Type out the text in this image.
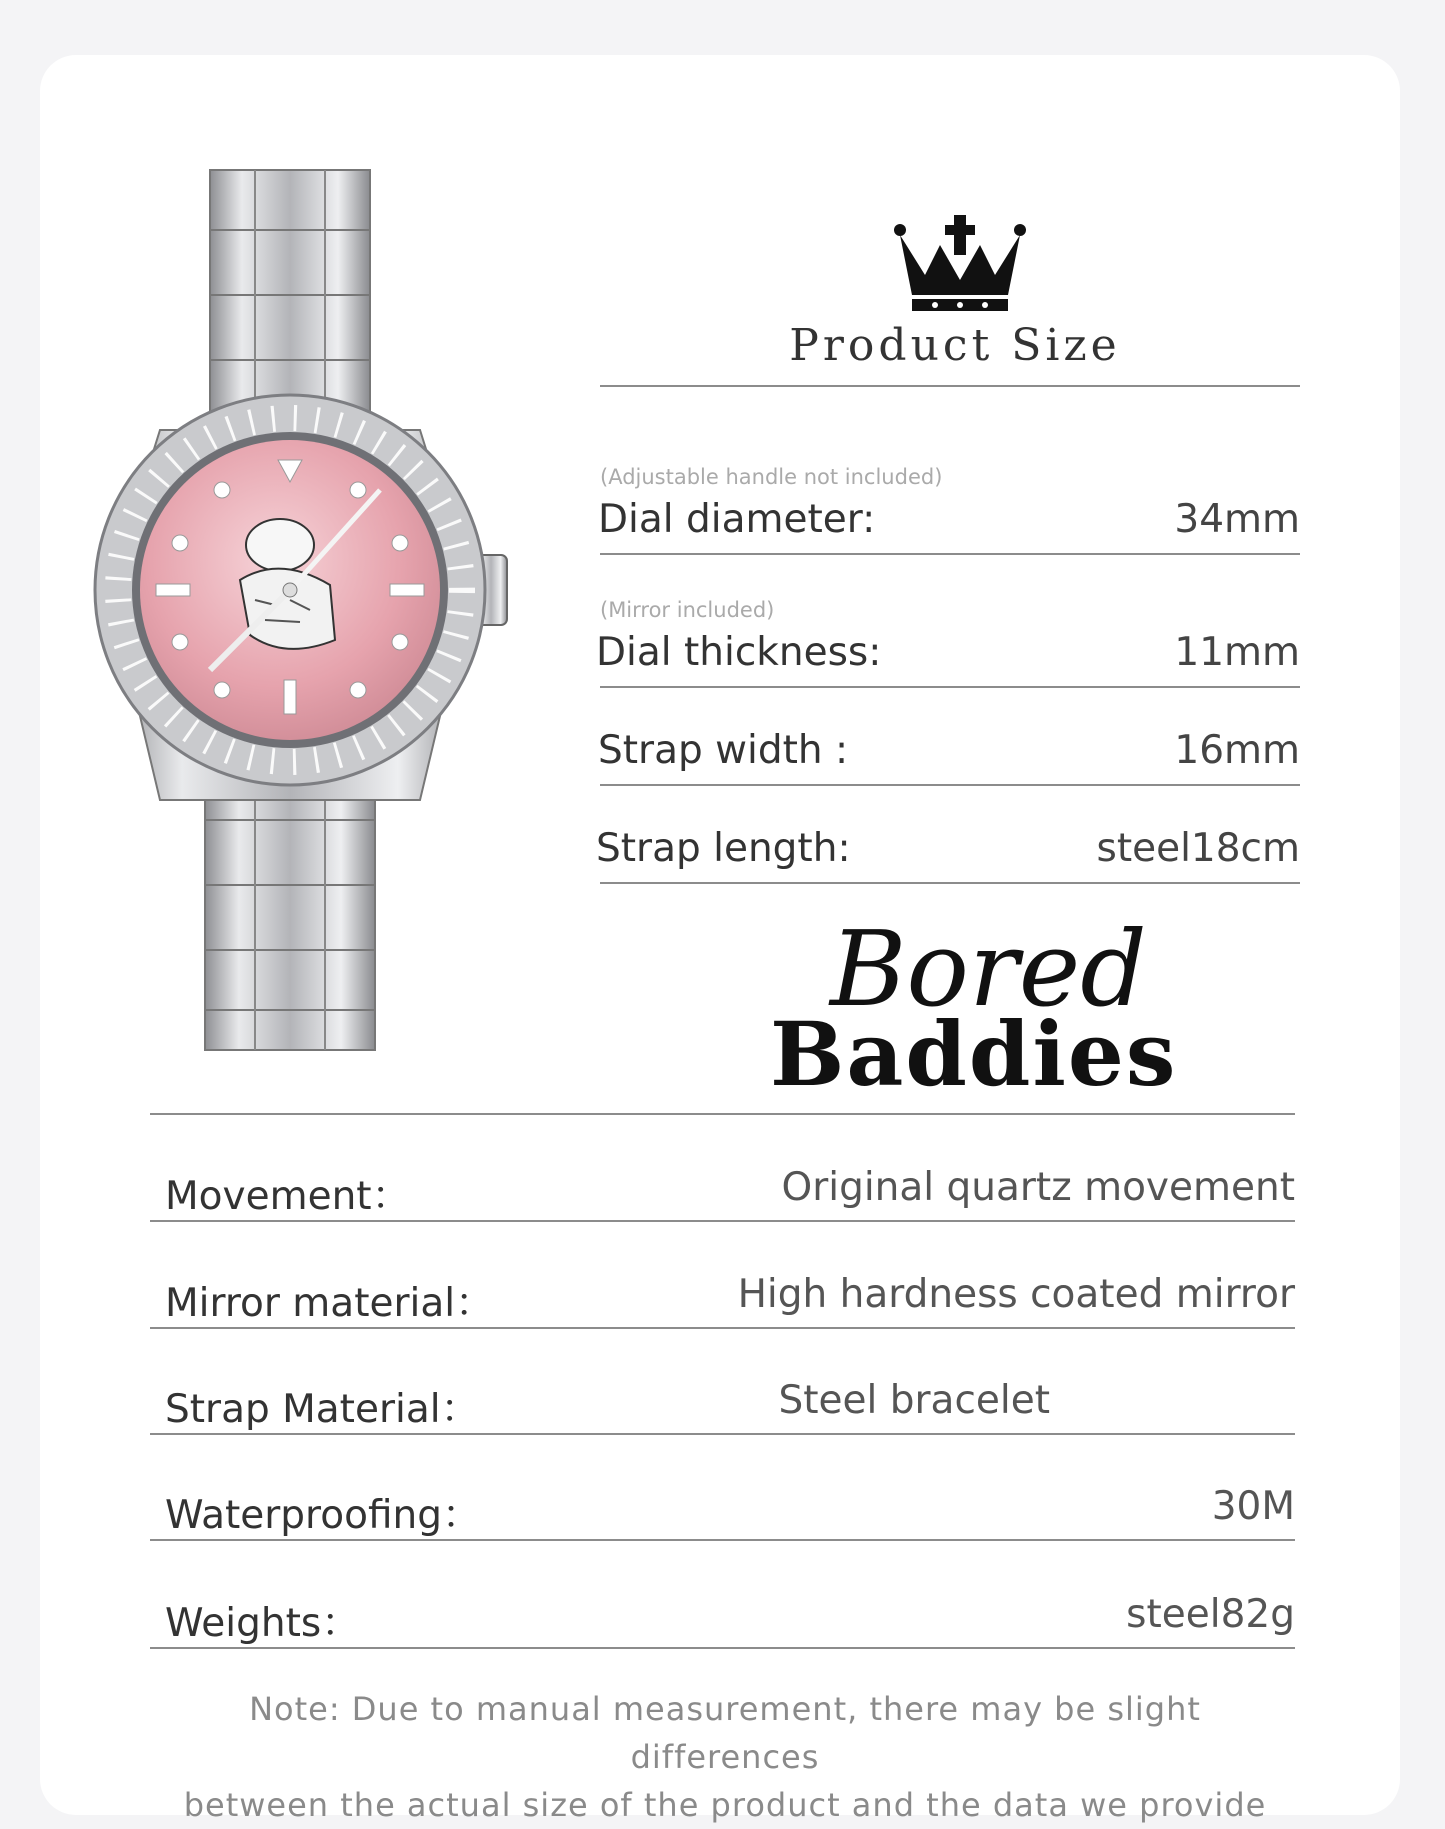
Product Size
(Adjustable handle not included)
Dial diameter:	34mm
(Mirror included)
Dial thickness:	11mm
Strap width :	16mm
Strap length:	steel18cm
Bored
Baddies
Movement：	Original quartz movement
Mirror material：	High hardness coated mirror
Strap Material：	Steel bracelet
Waterproofing：	30M
Weights：	steel82g
Note: Due to manual measurement, there may be slight differences
between the actual size of the product and the data we provide
